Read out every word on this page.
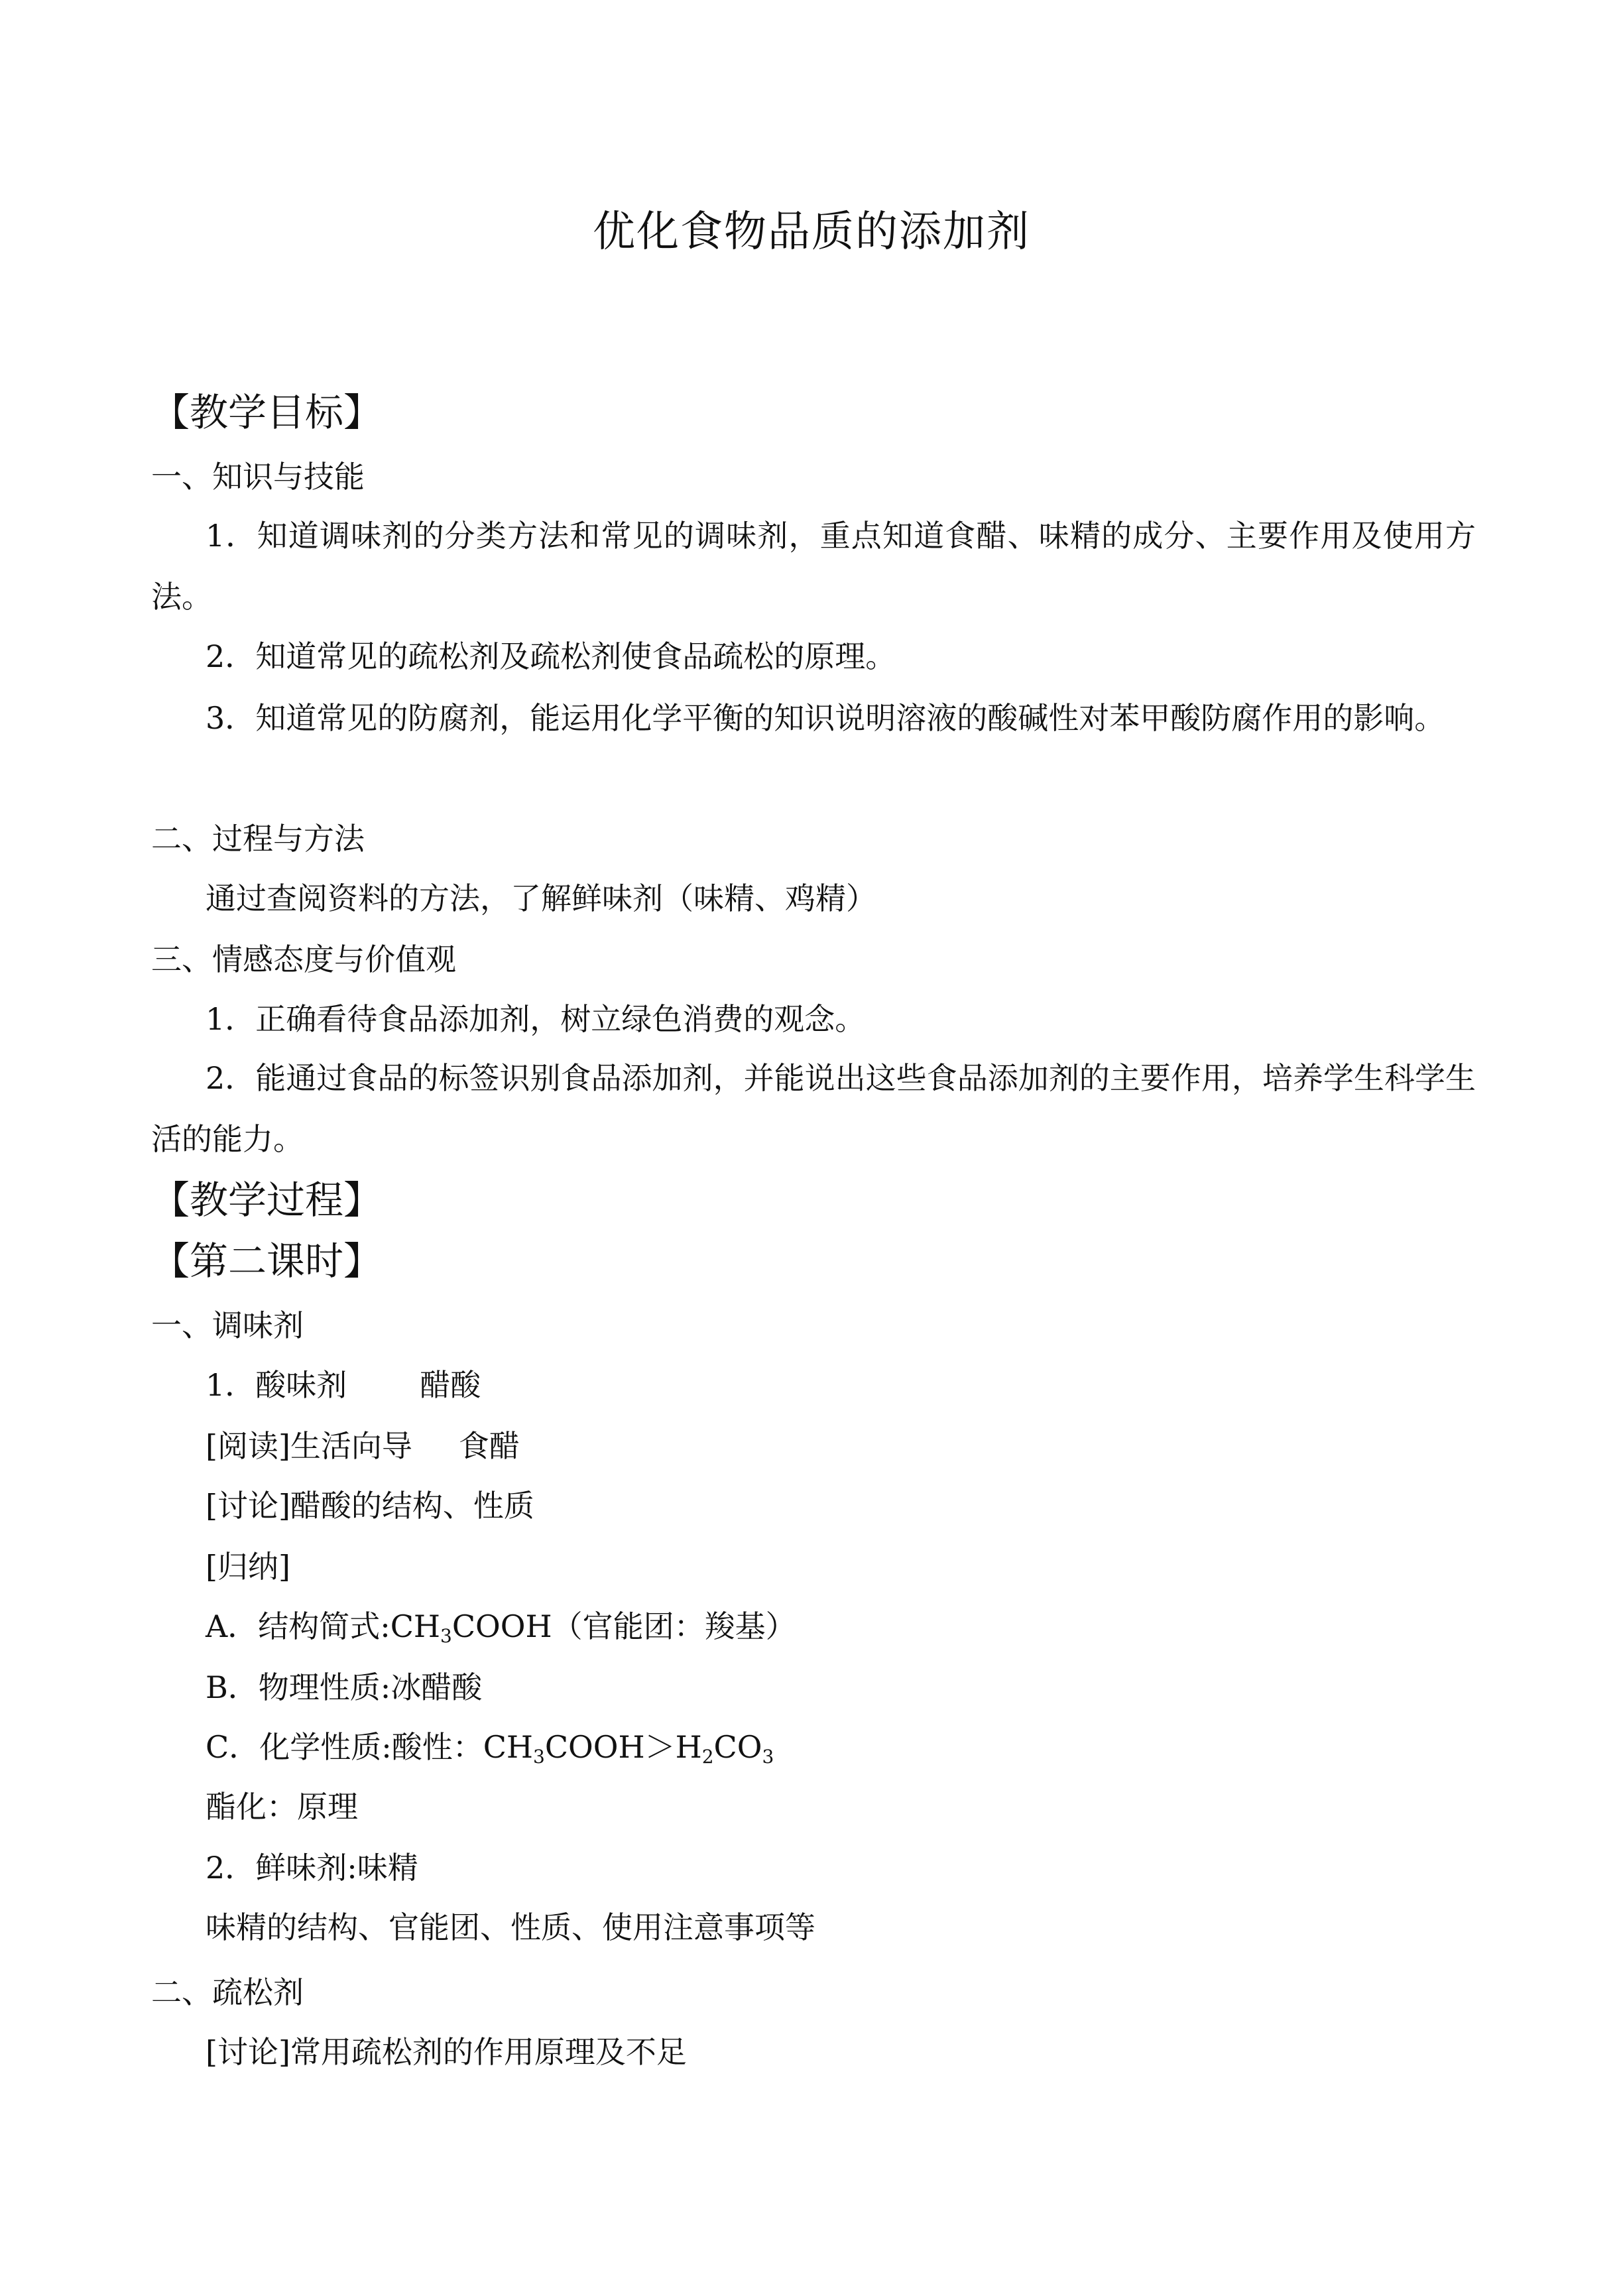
优化食物品质的添加剂
【教学目标】
一、知识与技能
1．知道调味剂的分类方法和常见的调味剂，重点知道食醋、味精的成分、主要作用及使用方法。
2．知道常见的疏松剂及疏松剂使食品疏松的原理。
3．知道常见的防腐剂，能运用化学平衡的知识说明溶液的酸碱性对苯甲酸防腐作用的影响。
二、过程与方法
通过查阅资料的方法，了解鲜味剂（味精、鸡精）
三、情感态度与价值观
1．正确看待食品添加剂，树立绿色消费的观念。
2．能通过食品的标签识别食品添加剂，并能说出这些食品添加剂的主要作用，培养学生科学生活的能力。
【教学过程】
【第二课时】
一、调味剂
1．酸味剂 醋酸
[阅读]生活向导 食醋
[讨论]醋酸的结构、性质
[归纳]
A．结构简式$:CH_3COOH$（官能团：羧基）
B．物理性质:冰醋酸
C．化学性质:酸性：$CH_3COOH>H_2CO_3$
酯化：原理
2．鲜味剂:味精
味精的结构、官能团、性质、使用注意事项等
二、疏松剂
[讨论]常用疏松剂的作用原理及不足
